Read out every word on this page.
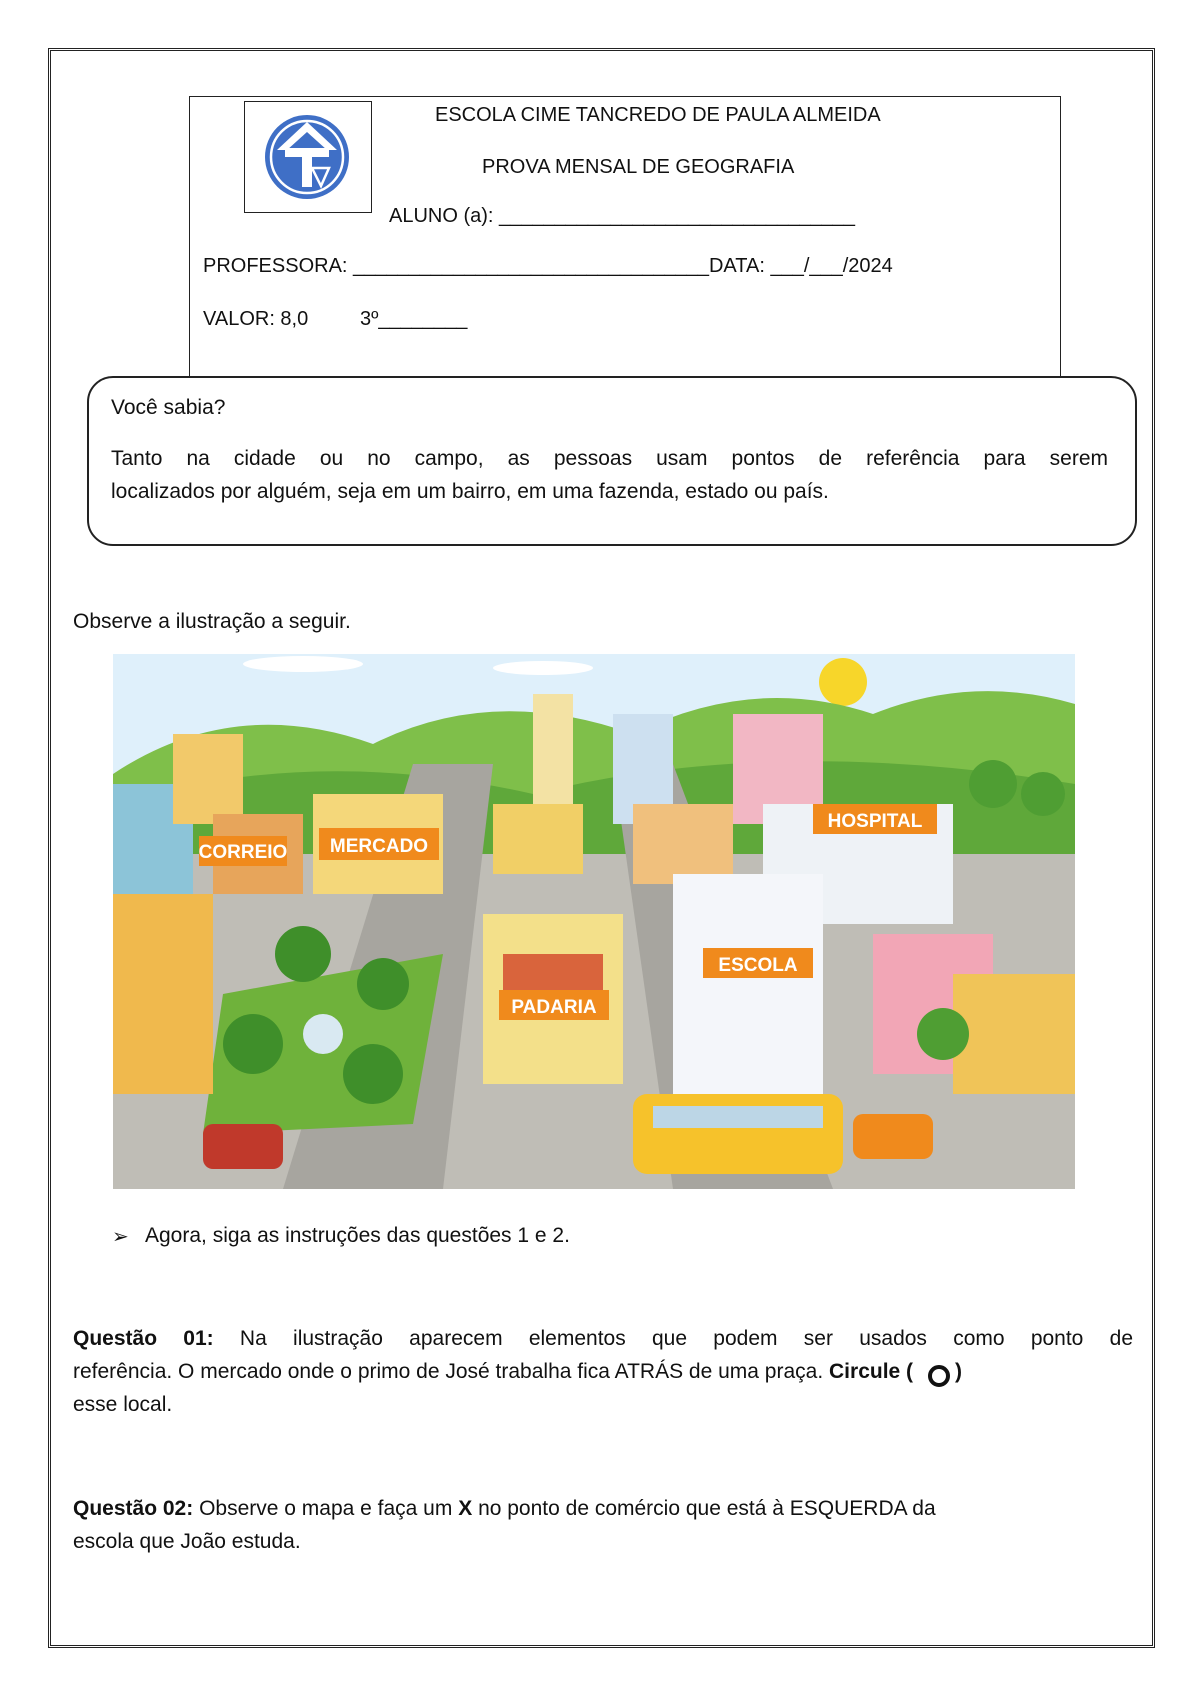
ESCOLA CIME TANCREDO DE PAULA ALMEIDA
PROVA MENSAL DE GEOGRAFIA
ALUNO (a): ________________________________
PROFESSORA: ________________________________DATA: ___/___/2024
VALOR: 8,0	3º________
Você sabia?
Tanto na cidade ou no campo, as pessoas usam pontos de referência para serem
localizados por alguém, seja em um bairro, em uma fazenda, estado ou país.
Observe a ilustração a seguir.
CORREIO MERCADO
HOSPITAL
ESCOLA
PADARIA
➢ Agora, siga as instruções das questões 1 e 2.
Questão 01: Na ilustração aparecem elementos que podem ser usados como ponto de
referência. O mercado onde o primo de José trabalha fica ATRÁS de uma praça. Circule ( )
esse local.
Questão 02: Observe o mapa e faça um X no ponto de comércio que está à ESQUERDA da
escola que João estuda.
